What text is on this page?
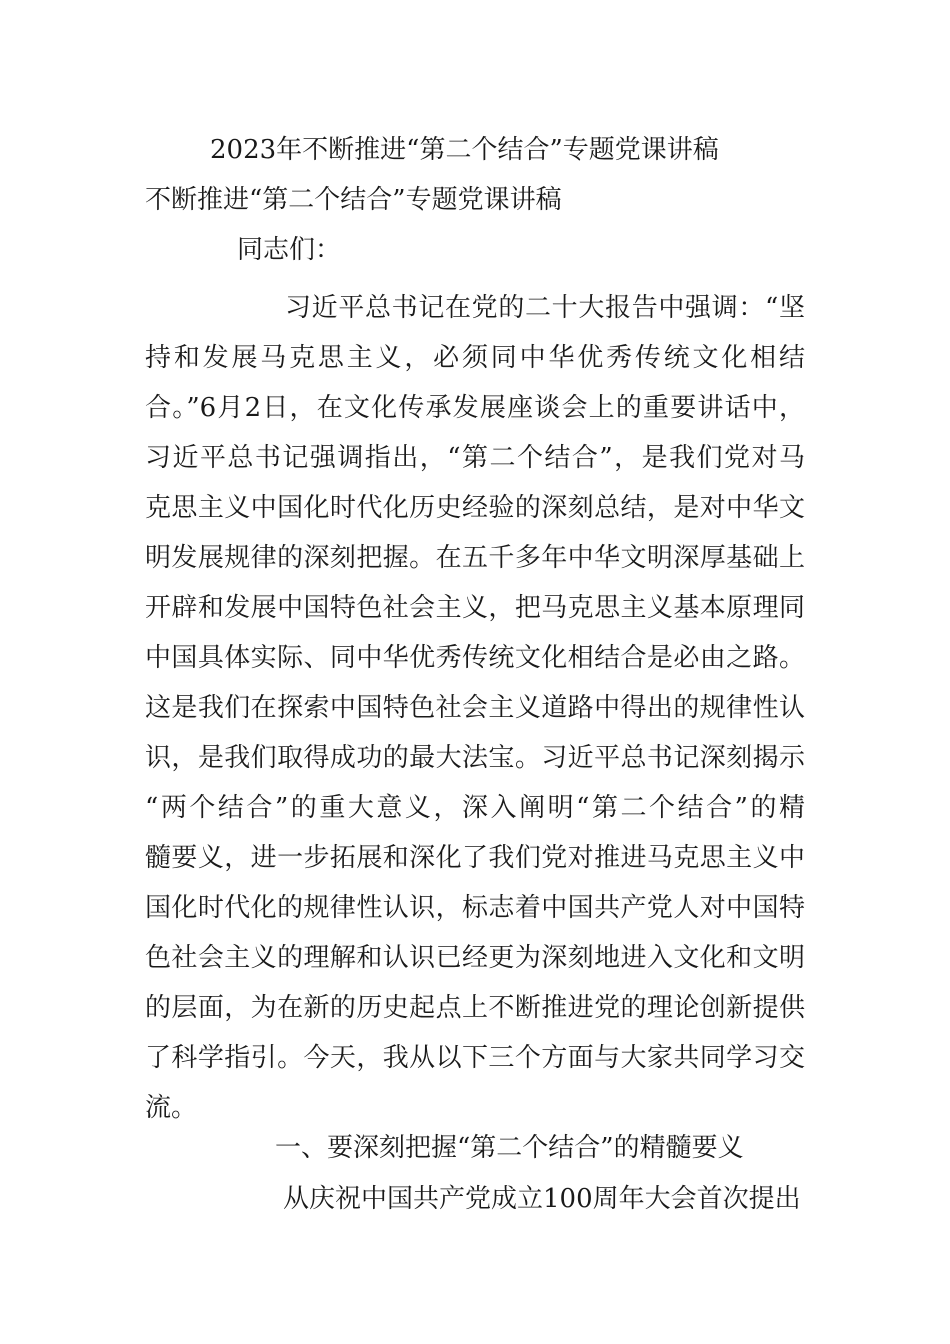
2023年不断推进“第二个结合”专题党课讲稿
不断推进“第二个结合”专题党课讲稿
同志们：
习近平总书记在党的二十大报告中强调：“坚
持和发展马克思主义，必须同中华优秀传统文化相结
合。”6月2日，在文化传承发展座谈会上的重要讲话中，
习近平总书记强调指出，“第二个结合”，是我们党对马
克思主义中国化时代化历史经验的深刻总结，是对中华文
明发展规律的深刻把握。在五千多年中华文明深厚基础上
开辟和发展中国特色社会主义，把马克思主义基本原理同
中国具体实际、同中华优秀传统文化相结合是必由之路。
这是我们在探索中国特色社会主义道路中得出的规律性认
识，是我们取得成功的最大法宝。习近平总书记深刻揭示
“两个结合”的重大意义，深入阐明“第二个结合”的精
髓要义，进一步拓展和深化了我们党对推进马克思主义中
国化时代化的规律性认识，标志着中国共产党人对中国特
色社会主义的理解和认识已经更为深刻地进入文化和文明
的层面，为在新的历史起点上不断推进党的理论创新提供
了科学指引。今天，我从以下三个方面与大家共同学习交
流。
一、要深刻把握“第二个结合”的精髓要义
从庆祝中国共产党成立100周年大会首次提出
